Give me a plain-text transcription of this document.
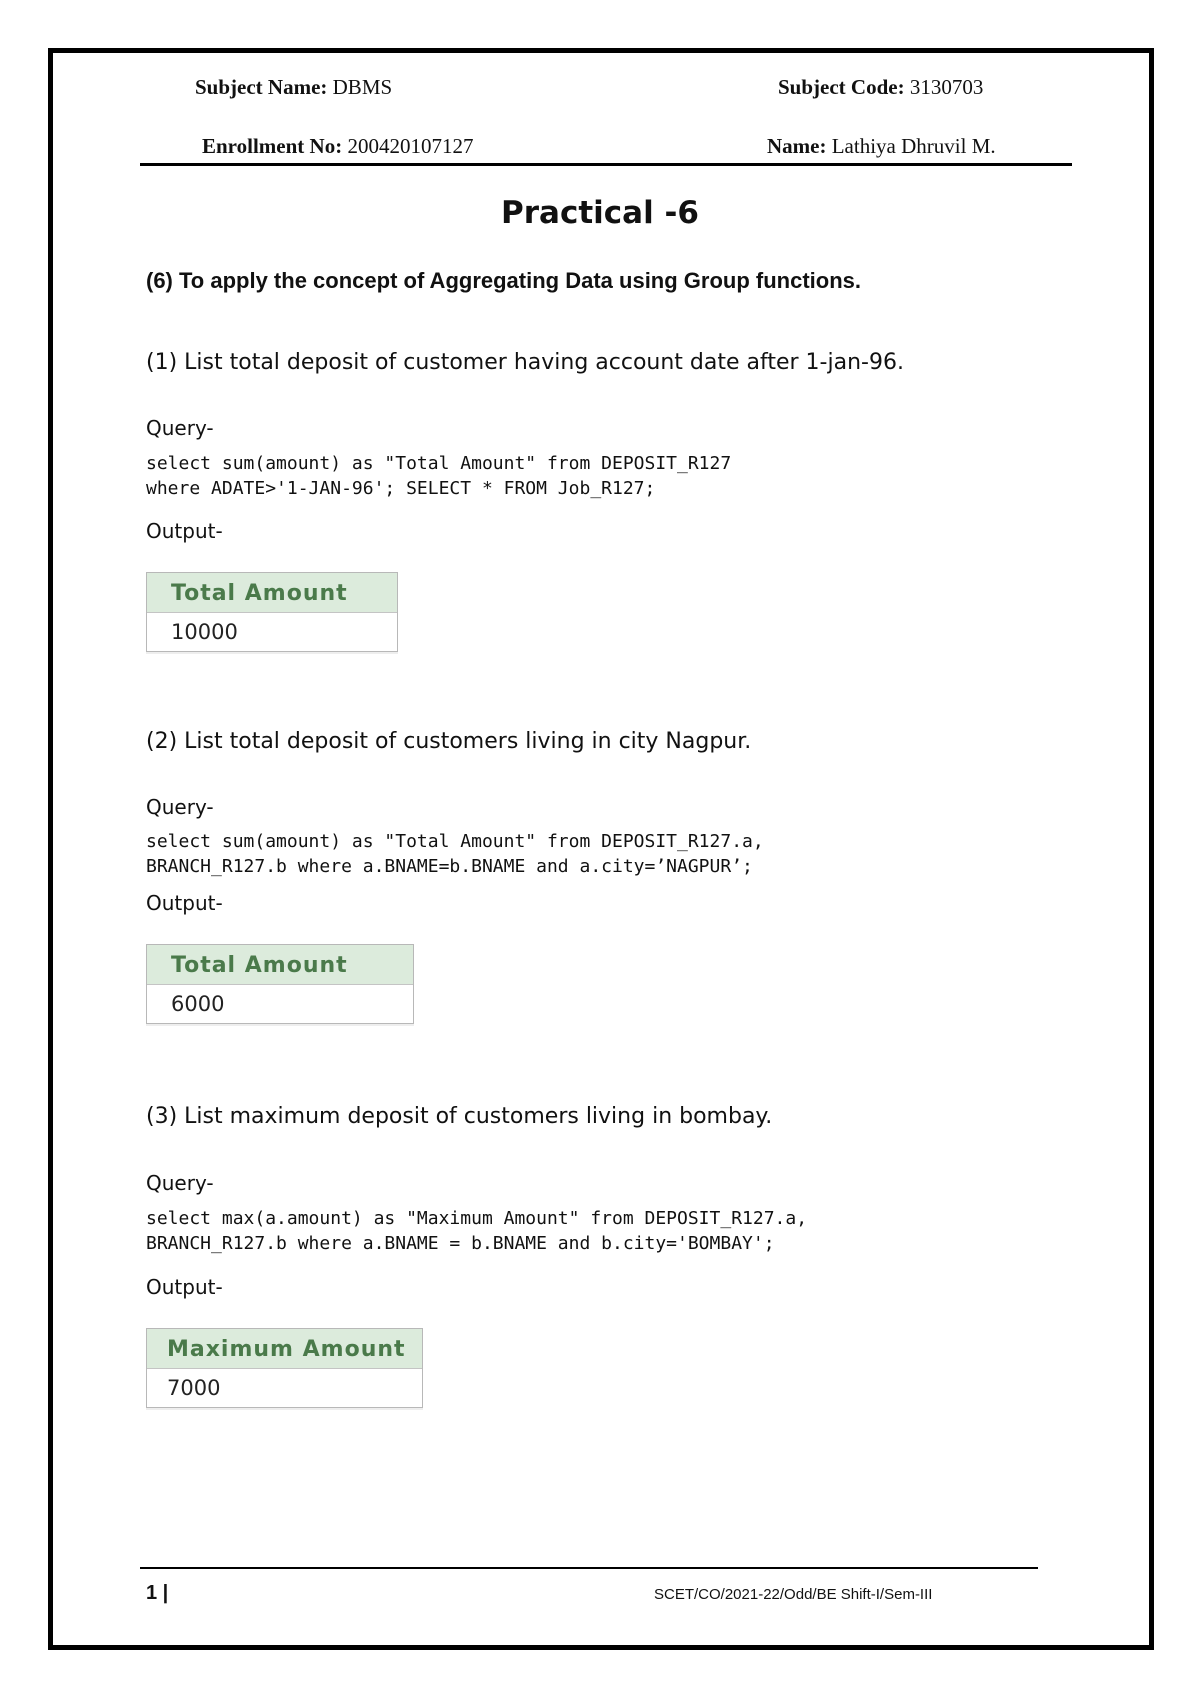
Subject Name: DBMS	Subject Code: 3130703
Enrollment No: 200420107127	Name: Lathiya Dhruvil M.
Practical -6
(6) To apply the concept of Aggregating Data using Group functions.
(1) List total deposit of customer having account date after 1-jan-96.
Query-
select sum(amount) as "Total Amount" from DEPOSIT_R127
where ADATE>'1-JAN-96'; SELECT * FROM Job_R127;
Output-
Total Amount
10000
(2) List total deposit of customers living in city Nagpur.
Query-
select sum(amount) as "Total Amount" from DEPOSIT_R127.a,
BRANCH_R127.b where a.BNAME=b.BNAME and a.city=’NAGPUR’;
Output-
Total Amount
6000
(3) List maximum deposit of customers living in bombay.
Query-
select max(a.amount) as "Maximum Amount" from DEPOSIT_R127.a,
BRANCH_R127.b where a.BNAME = b.BNAME and b.city='BOMBAY';
Output-
Maximum Amount
7000
1 |	SCET/CO/2021-22/Odd/BE Shift-I/Sem-III
